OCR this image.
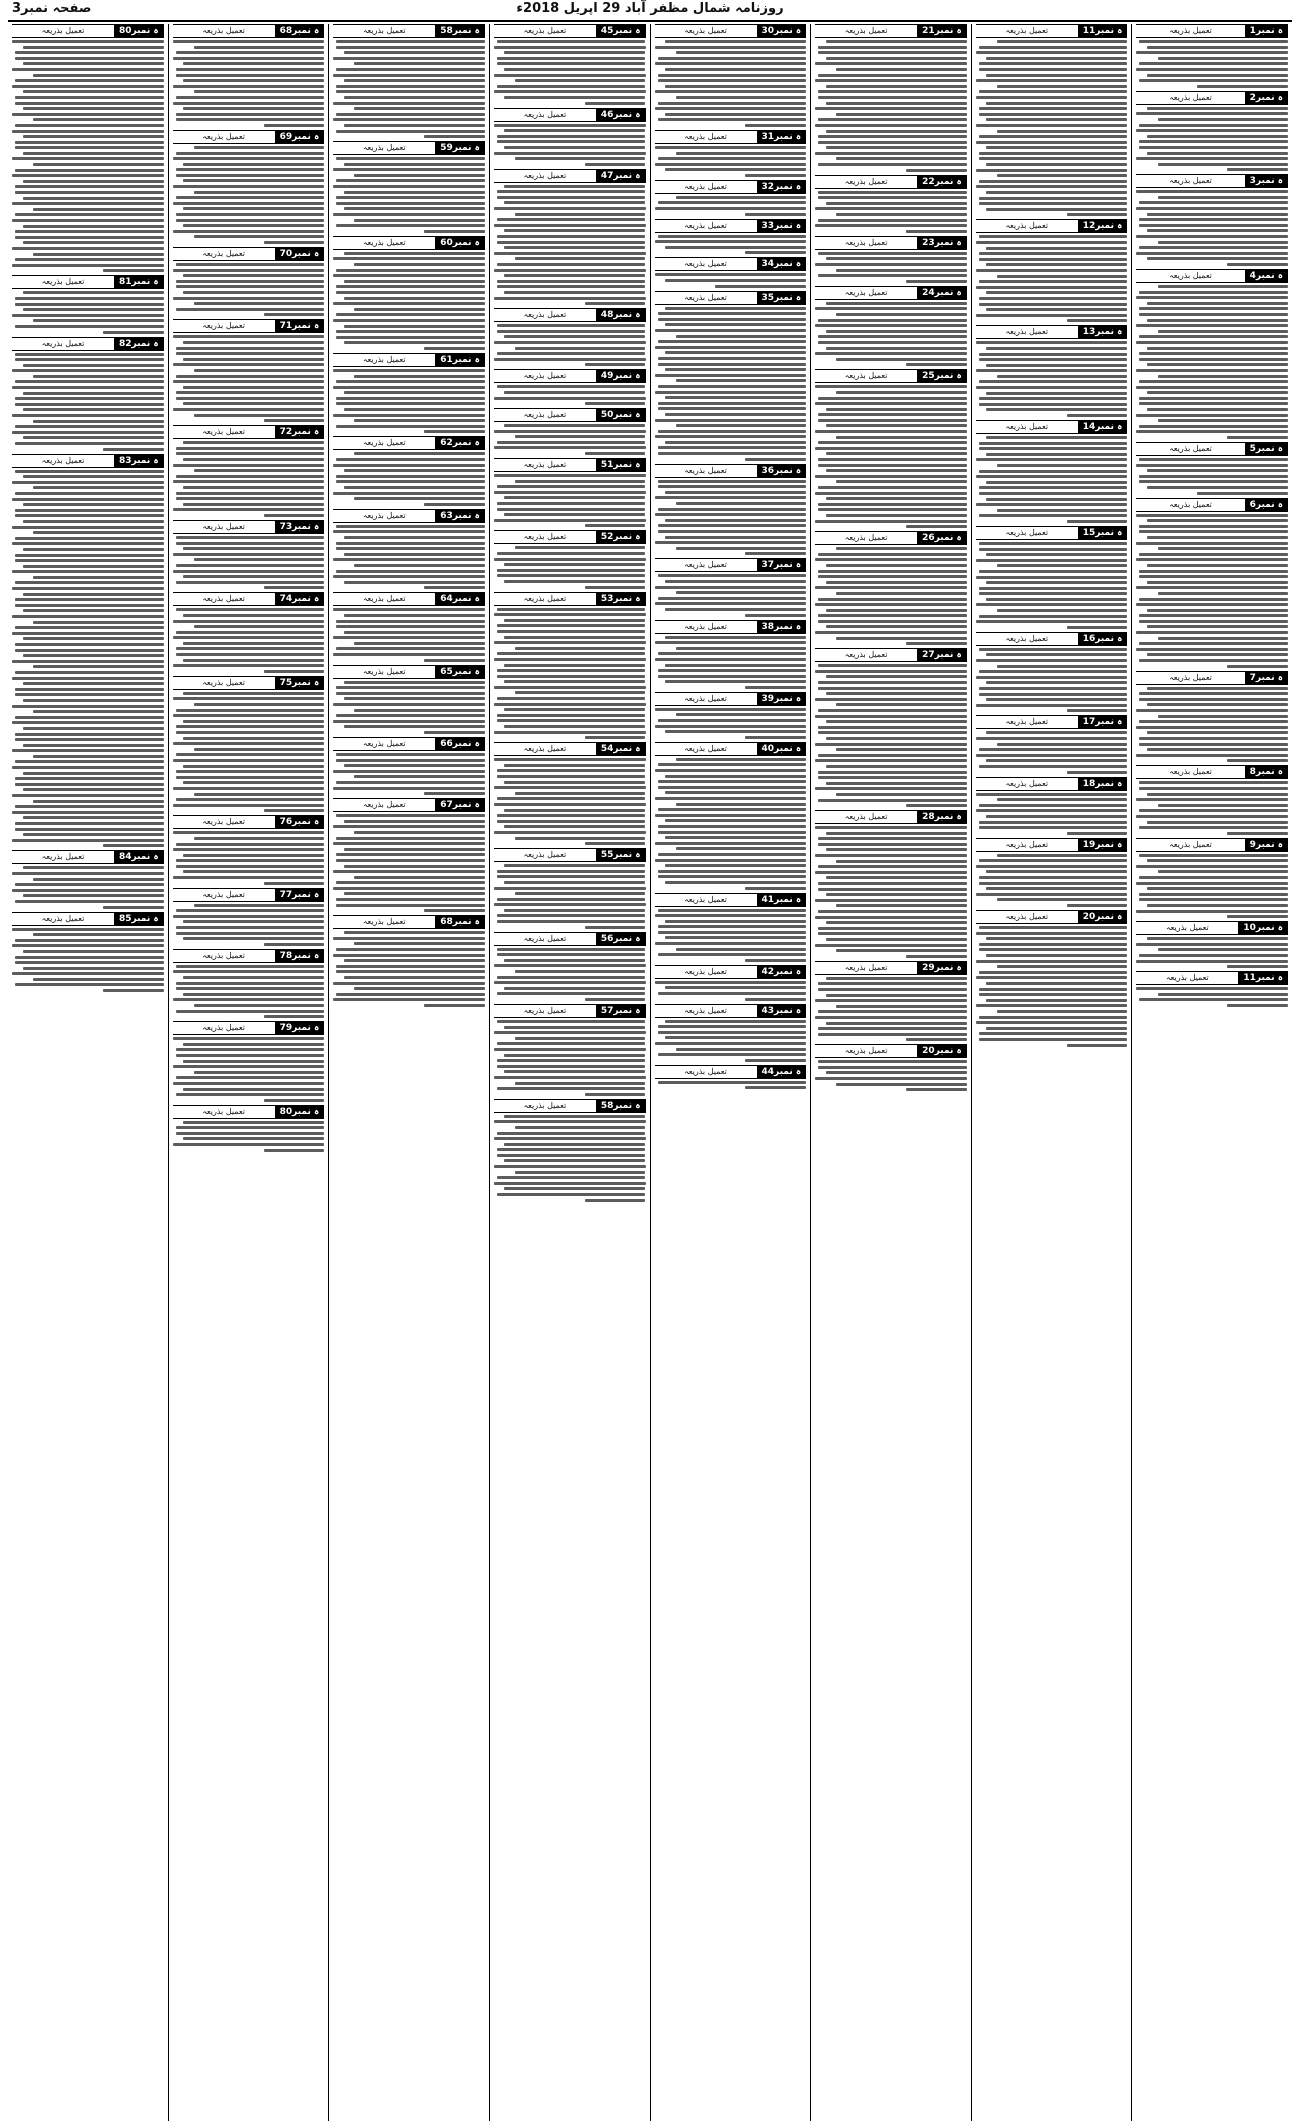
صفحہ نمبر3	روزنامہ شمال مظفر آباد 29 اپریل 2018ء
ہ نمبر1
تعمیل بذریعہ
ہ نمبر2
تعمیل بذریعہ
ہ نمبر3
تعمیل بذریعہ
ہ نمبر4
تعمیل بذریعہ
ہ نمبر5
تعمیل بذریعہ
ہ نمبر6
تعمیل بذریعہ
ہ نمبر7
تعمیل بذریعہ
ہ نمبر8
تعمیل بذریعہ
ہ نمبر9
تعمیل بذریعہ
ہ نمبر10
تعمیل بذریعہ
ہ نمبر11
تعمیل بذریعہ
ہ نمبر11
تعمیل بذریعہ
ہ نمبر12
تعمیل بذریعہ
ہ نمبر13
تعمیل بذریعہ
ہ نمبر14
تعمیل بذریعہ
ہ نمبر15
تعمیل بذریعہ
ہ نمبر16
تعمیل بذریعہ
ہ نمبر17
تعمیل بذریعہ
ہ نمبر18
تعمیل بذریعہ
ہ نمبر19
تعمیل بذریعہ
ہ نمبر20
تعمیل بذریعہ
ہ نمبر21
تعمیل بذریعہ
ہ نمبر22
تعمیل بذریعہ
ہ نمبر23
تعمیل بذریعہ
ہ نمبر24
تعمیل بذریعہ
ہ نمبر25
تعمیل بذریعہ
ہ نمبر26
تعمیل بذریعہ
ہ نمبر27
تعمیل بذریعہ
ہ نمبر28
تعمیل بذریعہ
ہ نمبر29
تعمیل بذریعہ
ہ نمبر20
تعمیل بذریعہ
ہ نمبر30
تعمیل بذریعہ
ہ نمبر31
تعمیل بذریعہ
ہ نمبر32
تعمیل بذریعہ
ہ نمبر33
تعمیل بذریعہ
ہ نمبر34
تعمیل بذریعہ
ہ نمبر35
تعمیل بذریعہ
ہ نمبر36
تعمیل بذریعہ
ہ نمبر37
تعمیل بذریعہ
ہ نمبر38
تعمیل بذریعہ
ہ نمبر39
تعمیل بذریعہ
ہ نمبر40
تعمیل بذریعہ
ہ نمبر41
تعمیل بذریعہ
ہ نمبر42
تعمیل بذریعہ
ہ نمبر43
تعمیل بذریعہ
ہ نمبر44
تعمیل بذریعہ
ہ نمبر45
تعمیل بذریعہ
ہ نمبر46
تعمیل بذریعہ
ہ نمبر47
تعمیل بذریعہ
ہ نمبر48
تعمیل بذریعہ
ہ نمبر49
تعمیل بذریعہ
ہ نمبر50
تعمیل بذریعہ
ہ نمبر51
تعمیل بذریعہ
ہ نمبر52
تعمیل بذریعہ
ہ نمبر53
تعمیل بذریعہ
ہ نمبر54
تعمیل بذریعہ
ہ نمبر55
تعمیل بذریعہ
ہ نمبر56
تعمیل بذریعہ
ہ نمبر57
تعمیل بذریعہ
ہ نمبر58
تعمیل بذریعہ
ہ نمبر58
تعمیل بذریعہ
ہ نمبر59
تعمیل بذریعہ
ہ نمبر60
تعمیل بذریعہ
ہ نمبر61
تعمیل بذریعہ
ہ نمبر62
تعمیل بذریعہ
ہ نمبر63
تعمیل بذریعہ
ہ نمبر64
تعمیل بذریعہ
ہ نمبر65
تعمیل بذریعہ
ہ نمبر66
تعمیل بذریعہ
ہ نمبر67
تعمیل بذریعہ
ہ نمبر68
تعمیل بذریعہ
ہ نمبر68
تعمیل بذریعہ
ہ نمبر69
تعمیل بذریعہ
ہ نمبر70
تعمیل بذریعہ
ہ نمبر71
تعمیل بذریعہ
ہ نمبر72
تعمیل بذریعہ
ہ نمبر73
تعمیل بذریعہ
ہ نمبر74
تعمیل بذریعہ
ہ نمبر75
تعمیل بذریعہ
ہ نمبر76
تعمیل بذریعہ
ہ نمبر77
تعمیل بذریعہ
ہ نمبر78
تعمیل بذریعہ
ہ نمبر79
تعمیل بذریعہ
ہ نمبر80
تعمیل بذریعہ
ہ نمبر80
تعمیل بذریعہ
ہ نمبر81
تعمیل بذریعہ
ہ نمبر82
تعمیل بذریعہ
ہ نمبر83
تعمیل بذریعہ
ہ نمبر84
تعمیل بذریعہ
ہ نمبر85
تعمیل بذریعہ
